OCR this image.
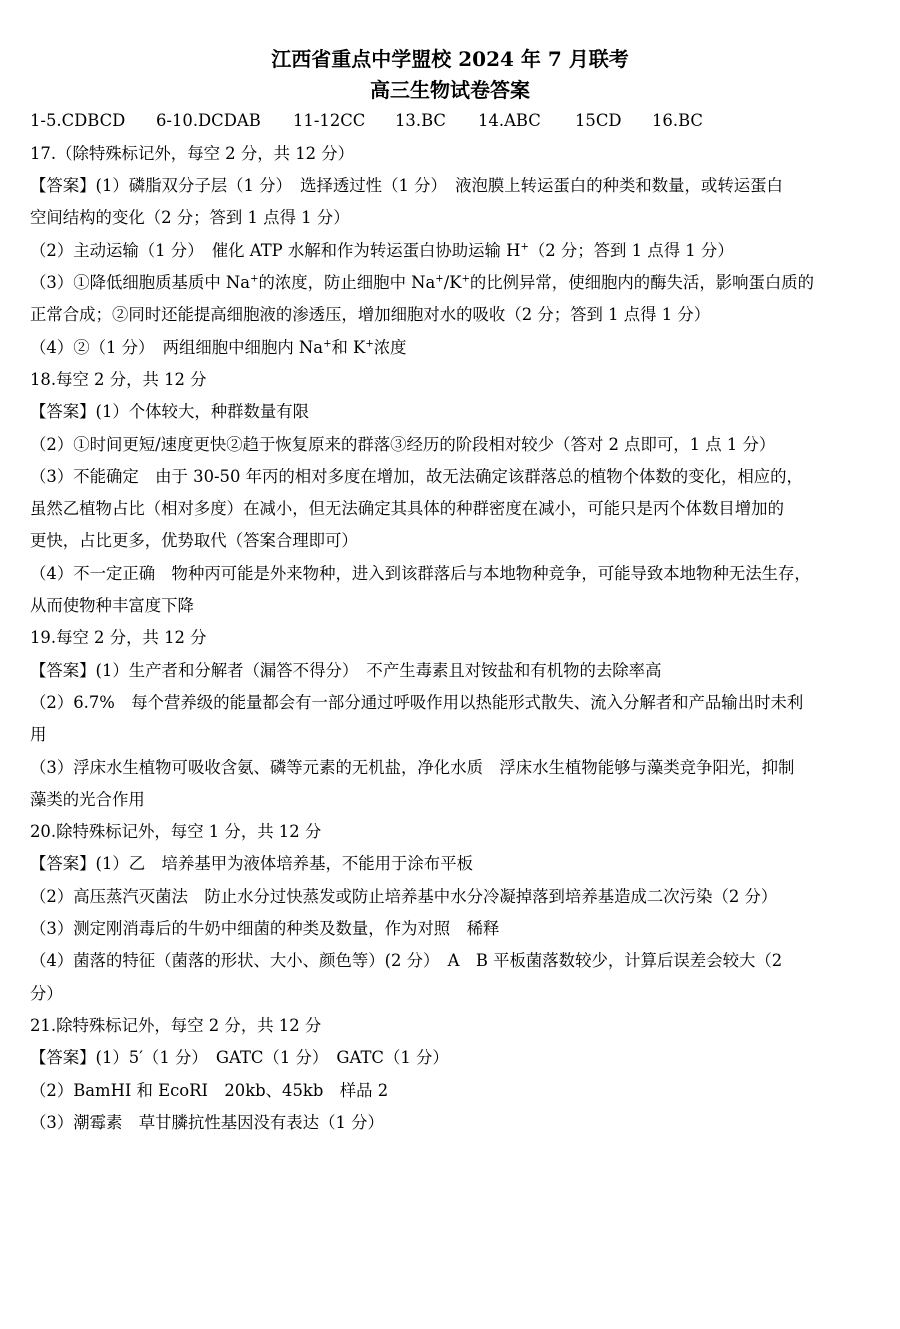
江西省重点中学盟校 2024 年 7 月联考
高三生物试卷答案
1-5.CDBCD 6-10.DCDAB 11-12CC 13.BC 14.ABC 15CD 16.BC
17.（除特殊标记外，每空 2 分，共 12 分）
【答案】(1）磷脂双分子层（1 分）　选择透过性（1 分）　液泡膜上转运蛋白的种类和数量，或转运蛋白
空间结构的变化（2 分；答到 1 点得 1 分）
（2）主动运输（1 分）　催化 ATP 水解和作为转运蛋白协助运输 H+（2 分；答到 1 点得 1 分）
（3）①降低细胞质基质中 Na+的浓度，防止细胞中 Na+/K+的比例异常，使细胞内的酶失活，影响蛋白质的
正常合成；②同时还能提高细胞液的渗透压，增加细胞对水的吸收（2 分；答到 1 点得 1 分）
（4）②（1 分）　两组细胞中细胞内 Na+和 K+浓度
18.每空 2 分，共 12 分
【答案】(1）个体较大，种群数量有限
（2）①时间更短/速度更快②趋于恢复原来的群落③经历的阶段相对较少（答对 2 点即可，1 点 1 分）
（3）不能确定　由于 30-50 年丙的相对多度在增加，故无法确定该群落总的植物个体数的变化，相应的，
虽然乙植物占比（相对多度）在减小，但无法确定其具体的种群密度在减小，可能只是丙个体数目增加的
更快，占比更多，优势取代（答案合理即可）
（4）不一定正确　物种丙可能是外来物种，进入到该群落后与本地物种竞争，可能导致本地物种无法生存，
从而使物种丰富度下降
19.每空 2 分，共 12 分
【答案】(1）生产者和分解者（漏答不得分）　不产生毒素且对铵盐和有机物的去除率高
（2）6.7%　每个营养级的能量都会有一部分通过呼吸作用以热能形式散失、流入分解者和产品输出时未利
用
（3）浮床水生植物可吸收含氨、磷等元素的无机盐，净化水质　浮床水生植物能够与藻类竞争阳光，抑制
藻类的光合作用
20.除特殊标记外，每空 1 分，共 12 分
【答案】(1）乙　培养基甲为液体培养基，不能用于涂布平板
（2）高压蒸汽灭菌法　防止水分过快蒸发或防止培养基中水分冷凝掉落到培养基造成二次污染（2 分）
（3）测定刚消毒后的牛奶中细菌的种类及数量，作为对照　稀释
（4）菌落的特征（菌落的形状、大小、颜色等）(2 分）　A　B 平板菌落数较少，计算后误差会较大（2
分）
21.除特殊标记外，每空 2 分，共 12 分
【答案】(1）5′（1 分）　GATC（1 分）　GATC（1 分）
（2）BamHI 和 EcoRI　20kb、45kb　样品 2
（3）潮霉素　草甘膦抗性基因没有表达（1 分）
